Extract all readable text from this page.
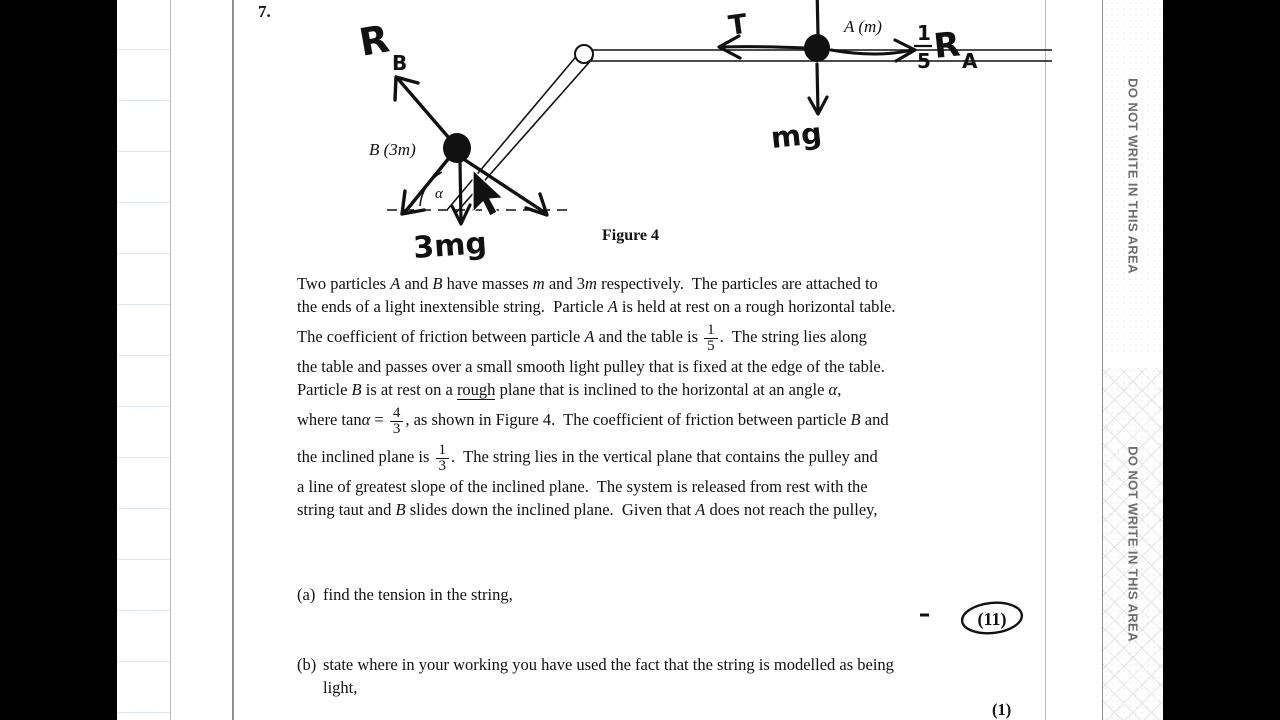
DO NOT WRITE IN THIS AREA
DO NOT WRITE IN THIS AREA
7.
A (m)
B (3m)
α
T
mg
1
5 R A
R B
3mg	Figure 4
Two particles A and B have masses m and 3m respectively.  The particles are attached to
the ends of a light inextensible string.  Particle A is held at rest on a rough horizontal table.
The coefficient of friction between particle A and the table is $\frac{1}{5}$ .  The string lies along
the table and passes over a small smooth light pulley that is fixed at the edge of the table.
Particle B is at rest on a rough plane that is inclined to the horizontal at an angle α,
where $\tan\alpha = \frac{4}{3}$ , as shown in Figure 4.  The coefficient of friction between particle B and
the inclined plane is $\frac{1}{3}$ .  The string lies in the vertical plane that contains the pulley and
a line of greatest slope of the inclined plane.  The system is released from rest with the
string taut and B slides down the inclined plane.  Given that A does not reach the pulley,
(a) find the tension in the string,
(11)
(b) state where in your working you have used the fact that the string is modelled as being
light,
(1)
